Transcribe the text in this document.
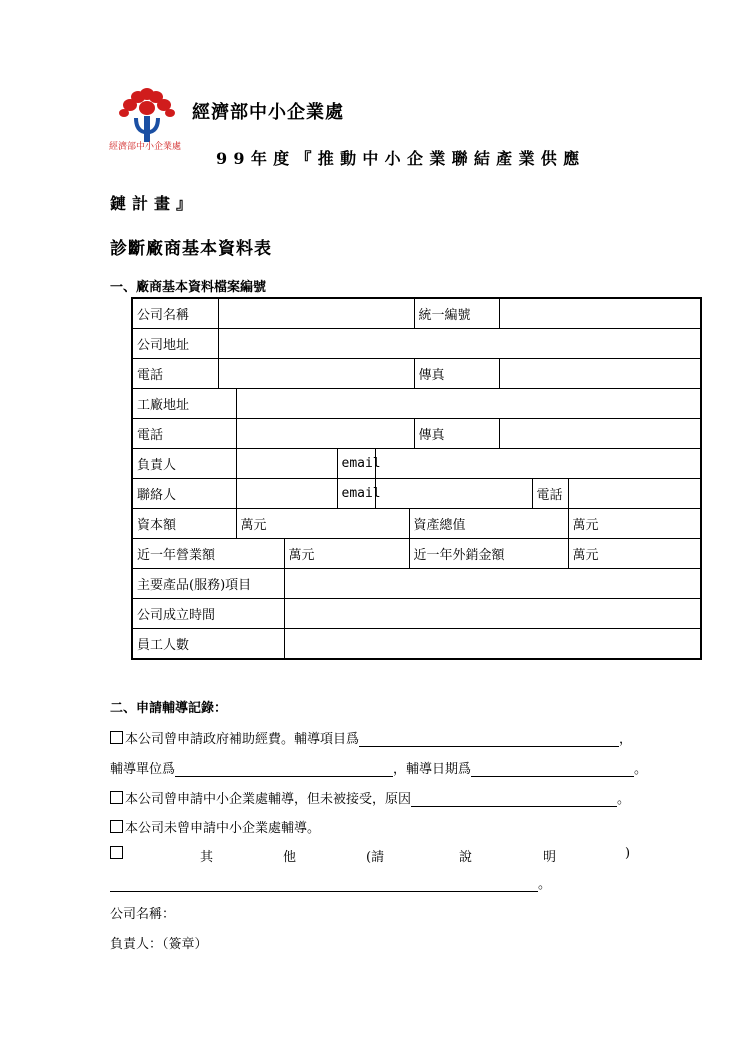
經濟部中小企業處
經濟部中小企業處
99年度『推動中小企業聯結產業供應
鏈計畫』
診斷廠商基本資料表
一、廠商基本資料檔案編號
公司名稱							統一編號			
公司地址										
電話							傳真			
工廠地址										
電話							傳真			
負責人				email						
聯絡人				email					電話	
資本額		萬元				資產總值				萬元
近一年營業額			萬元			近一年外銷金額				萬元
主要產品(服務)項目										
公司成立時間										
員工人數										
二、申請輔導記錄：
本公司曾申請政府補助經費。輔導項目爲	，
輔導單位爲	，輔導日期爲	。
本公司曾申請中小企業處輔導，但未被接受，原因	。
本公司未曾申請中小企業處輔導。
其	他	(請	說	明	)
。
公司名稱：
負責人：（簽章）
